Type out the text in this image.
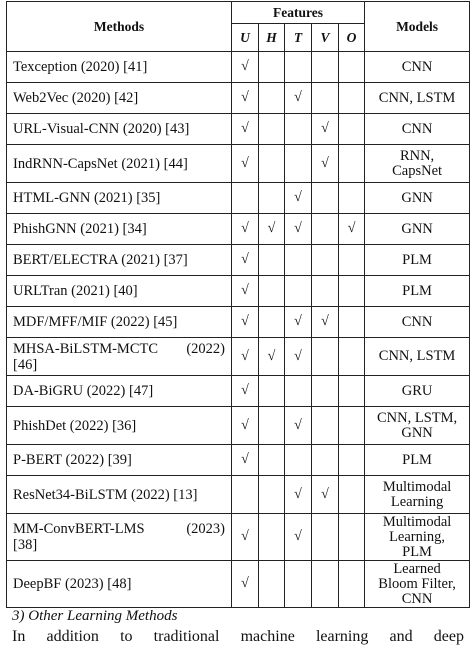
Methods	Features					Models
	U	H	T	V	O	

Texception (2020) [41]	√					CNN

Web2Vec (2020) [42]	√		√			CNN, LSTM

URL-Visual-CNN (2020) [43]	√			√		CNN

IndRNN-CapsNet (2021) [44]	√			√		RNN,
CapsNet

HTML-GNN (2021) [35]			√			GNN

PhishGNN (2021) [34]	√	√	√		√	GNN

BERT/ELECTRA (2021) [37]	√					PLM

URLTran (2021) [40]	√					PLM

MDF/MFF/MIF (2022) [45]	√		√	√		CNN

MHSA-BiLSTM-MCTC (2022)
[46]	√	√	√			CNN, LSTM

DA-BiGRU (2022) [47]	√					GRU

PhishDet (2022) [36]	√		√			CNN, LSTM,
GNN

P-BERT (2022) [39]	√					PLM

ResNet34-BiLSTM (2022) [13]			√	√		Multimodal
Learning

MM-ConvBERT-LMS (2023)
[38]	√		√			Multimodal
Learning,
PLM

DeepBF (2023) [48]	√					Learned
Bloom Filter,
CNN
3) Other Learning Methods
In addition to traditional machine learning and deep
